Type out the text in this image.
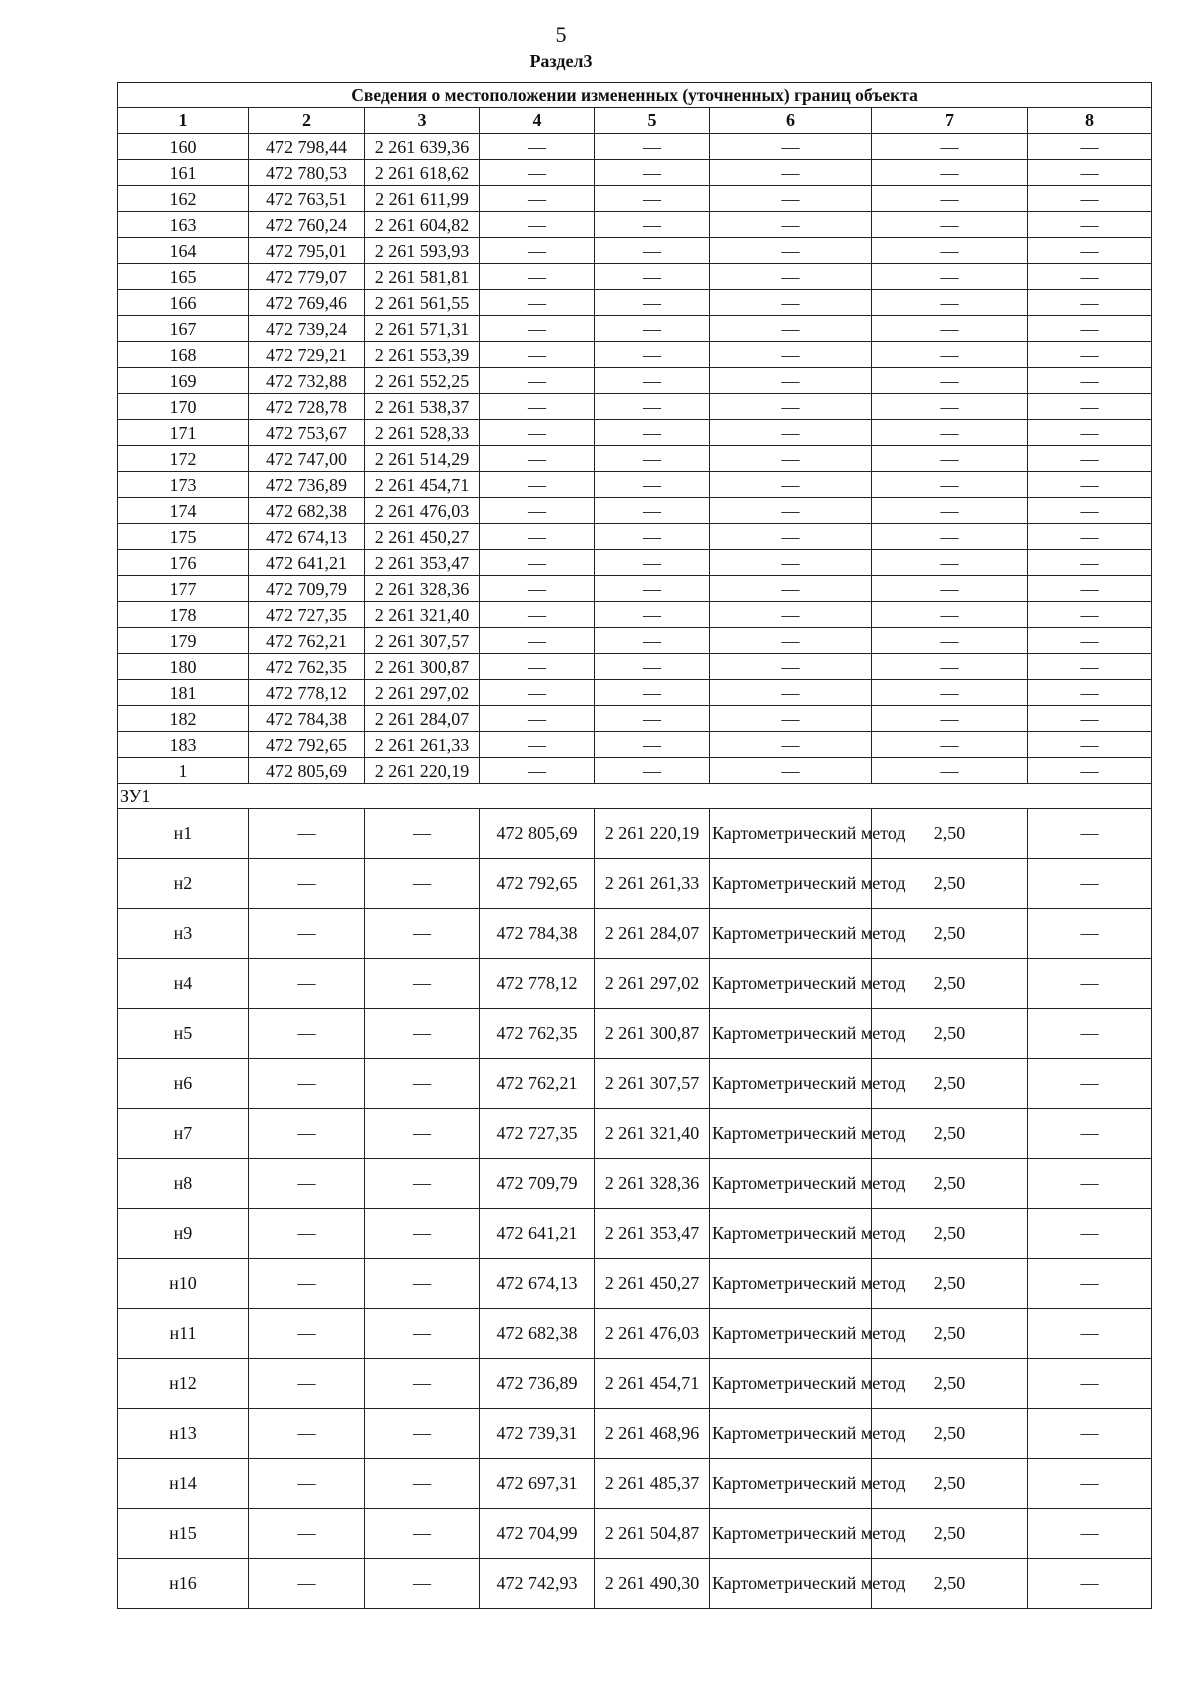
5
Раздел3
Сведения о местоположении измененных (уточненных) границ объекта							
1	2	3	4	5	6	7	8
160	472 798,44	2 261 639,36	—	—	—	—	—
161	472 780,53	2 261 618,62	—	—	—	—	—
162	472 763,51	2 261 611,99	—	—	—	—	—
163	472 760,24	2 261 604,82	—	—	—	—	—
164	472 795,01	2 261 593,93	—	—	—	—	—
165	472 779,07	2 261 581,81	—	—	—	—	—
166	472 769,46	2 261 561,55	—	—	—	—	—
167	472 739,24	2 261 571,31	—	—	—	—	—
168	472 729,21	2 261 553,39	—	—	—	—	—
169	472 732,88	2 261 552,25	—	—	—	—	—
170	472 728,78	2 261 538,37	—	—	—	—	—
171	472 753,67	2 261 528,33	—	—	—	—	—
172	472 747,00	2 261 514,29	—	—	—	—	—
173	472 736,89	2 261 454,71	—	—	—	—	—
174	472 682,38	2 261 476,03	—	—	—	—	—
175	472 674,13	2 261 450,27	—	—	—	—	—
176	472 641,21	2 261 353,47	—	—	—	—	—
177	472 709,79	2 261 328,36	—	—	—	—	—
178	472 727,35	2 261 321,40	—	—	—	—	—
179	472 762,21	2 261 307,57	—	—	—	—	—
180	472 762,35	2 261 300,87	—	—	—	—	—
181	472 778,12	2 261 297,02	—	—	—	—	—
182	472 784,38	2 261 284,07	—	—	—	—	—
183	472 792,65	2 261 261,33	—	—	—	—	—
1	472 805,69	2 261 220,19	—	—	—	—	—
ЗУ1							
н1	—	—	472 805,69	2 261 220,19	Картометрический метод	2,50	—
н2	—	—	472 792,65	2 261 261,33	Картометрический метод	2,50	—
н3	—	—	472 784,38	2 261 284,07	Картометрический метод	2,50	—
н4	—	—	472 778,12	2 261 297,02	Картометрический метод	2,50	—
н5	—	—	472 762,35	2 261 300,87	Картометрический метод	2,50	—
н6	—	—	472 762,21	2 261 307,57	Картометрический метод	2,50	—
н7	—	—	472 727,35	2 261 321,40	Картометрический метод	2,50	—
н8	—	—	472 709,79	2 261 328,36	Картометрический метод	2,50	—
н9	—	—	472 641,21	2 261 353,47	Картометрический метод	2,50	—
н10	—	—	472 674,13	2 261 450,27	Картометрический метод	2,50	—
н11	—	—	472 682,38	2 261 476,03	Картометрический метод	2,50	—
н12	—	—	472 736,89	2 261 454,71	Картометрический метод	2,50	—
н13	—	—	472 739,31	2 261 468,96	Картометрический метод	2,50	—
н14	—	—	472 697,31	2 261 485,37	Картометрический метод	2,50	—
н15	—	—	472 704,99	2 261 504,87	Картометрический метод	2,50	—
н16	—	—	472 742,93	2 261 490,30	Картометрический метод	2,50	—
